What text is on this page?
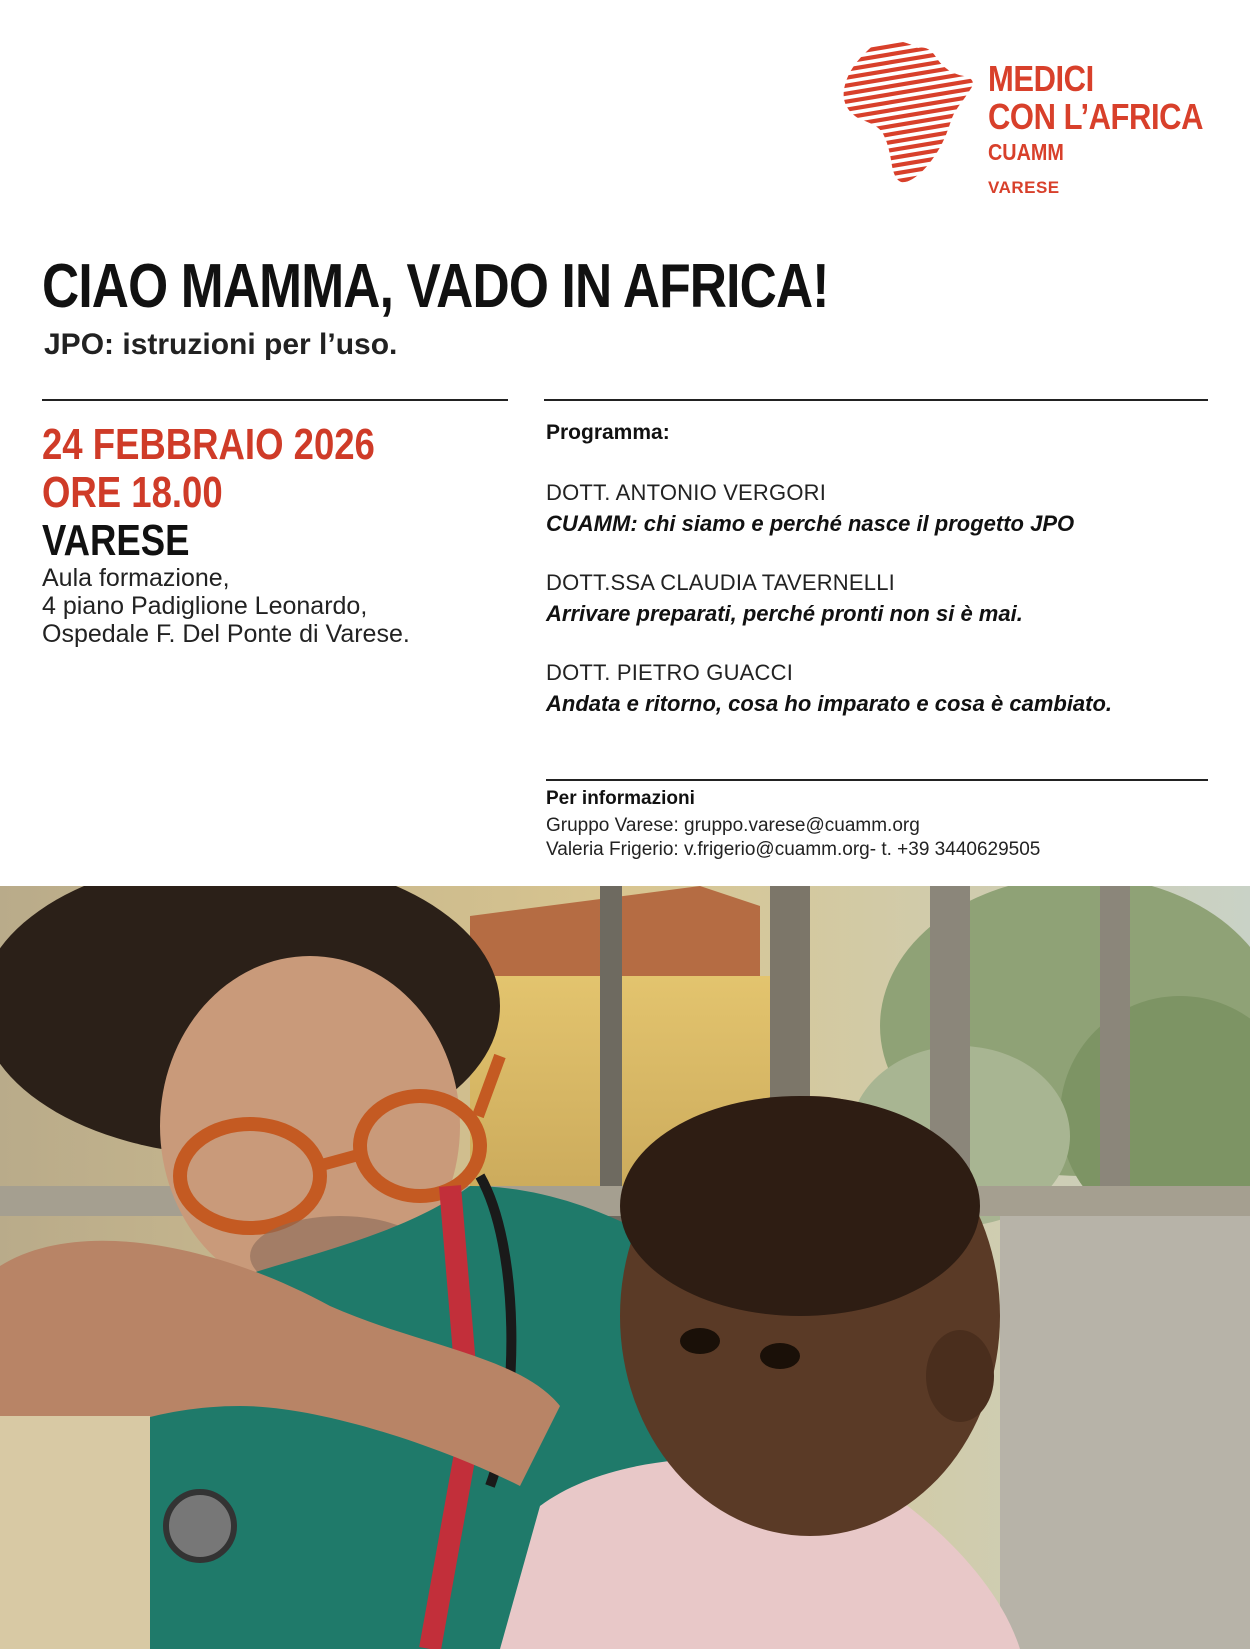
MEDICI
CON L’AFRICA
CUAMM
VARESE
CIAO MAMMA, VADO IN AFRICA!
JPO: istruzioni per l’uso.
24 FEBBRAIO 2026
ORE 18.00
VARESE
Aula formazione,
4 piano Padiglione Leonardo,
Ospedale F. Del Ponte di Varese.
Programma:
DOTT. ANTONIO VERGORI
CUAMM: chi siamo e perché nasce il progetto JPO
DOTT.SSA CLAUDIA TAVERNELLI
Arrivare preparati, perché pronti non si è mai.
DOTT. PIETRO GUACCI
Andata e ritorno, cosa ho imparato e cosa è cambiato.
Per informazioni
Gruppo Varese: gruppo.varese@cuamm.org
Valeria Frigerio: v.frigerio@cuamm.org- t. +39 3440629505
